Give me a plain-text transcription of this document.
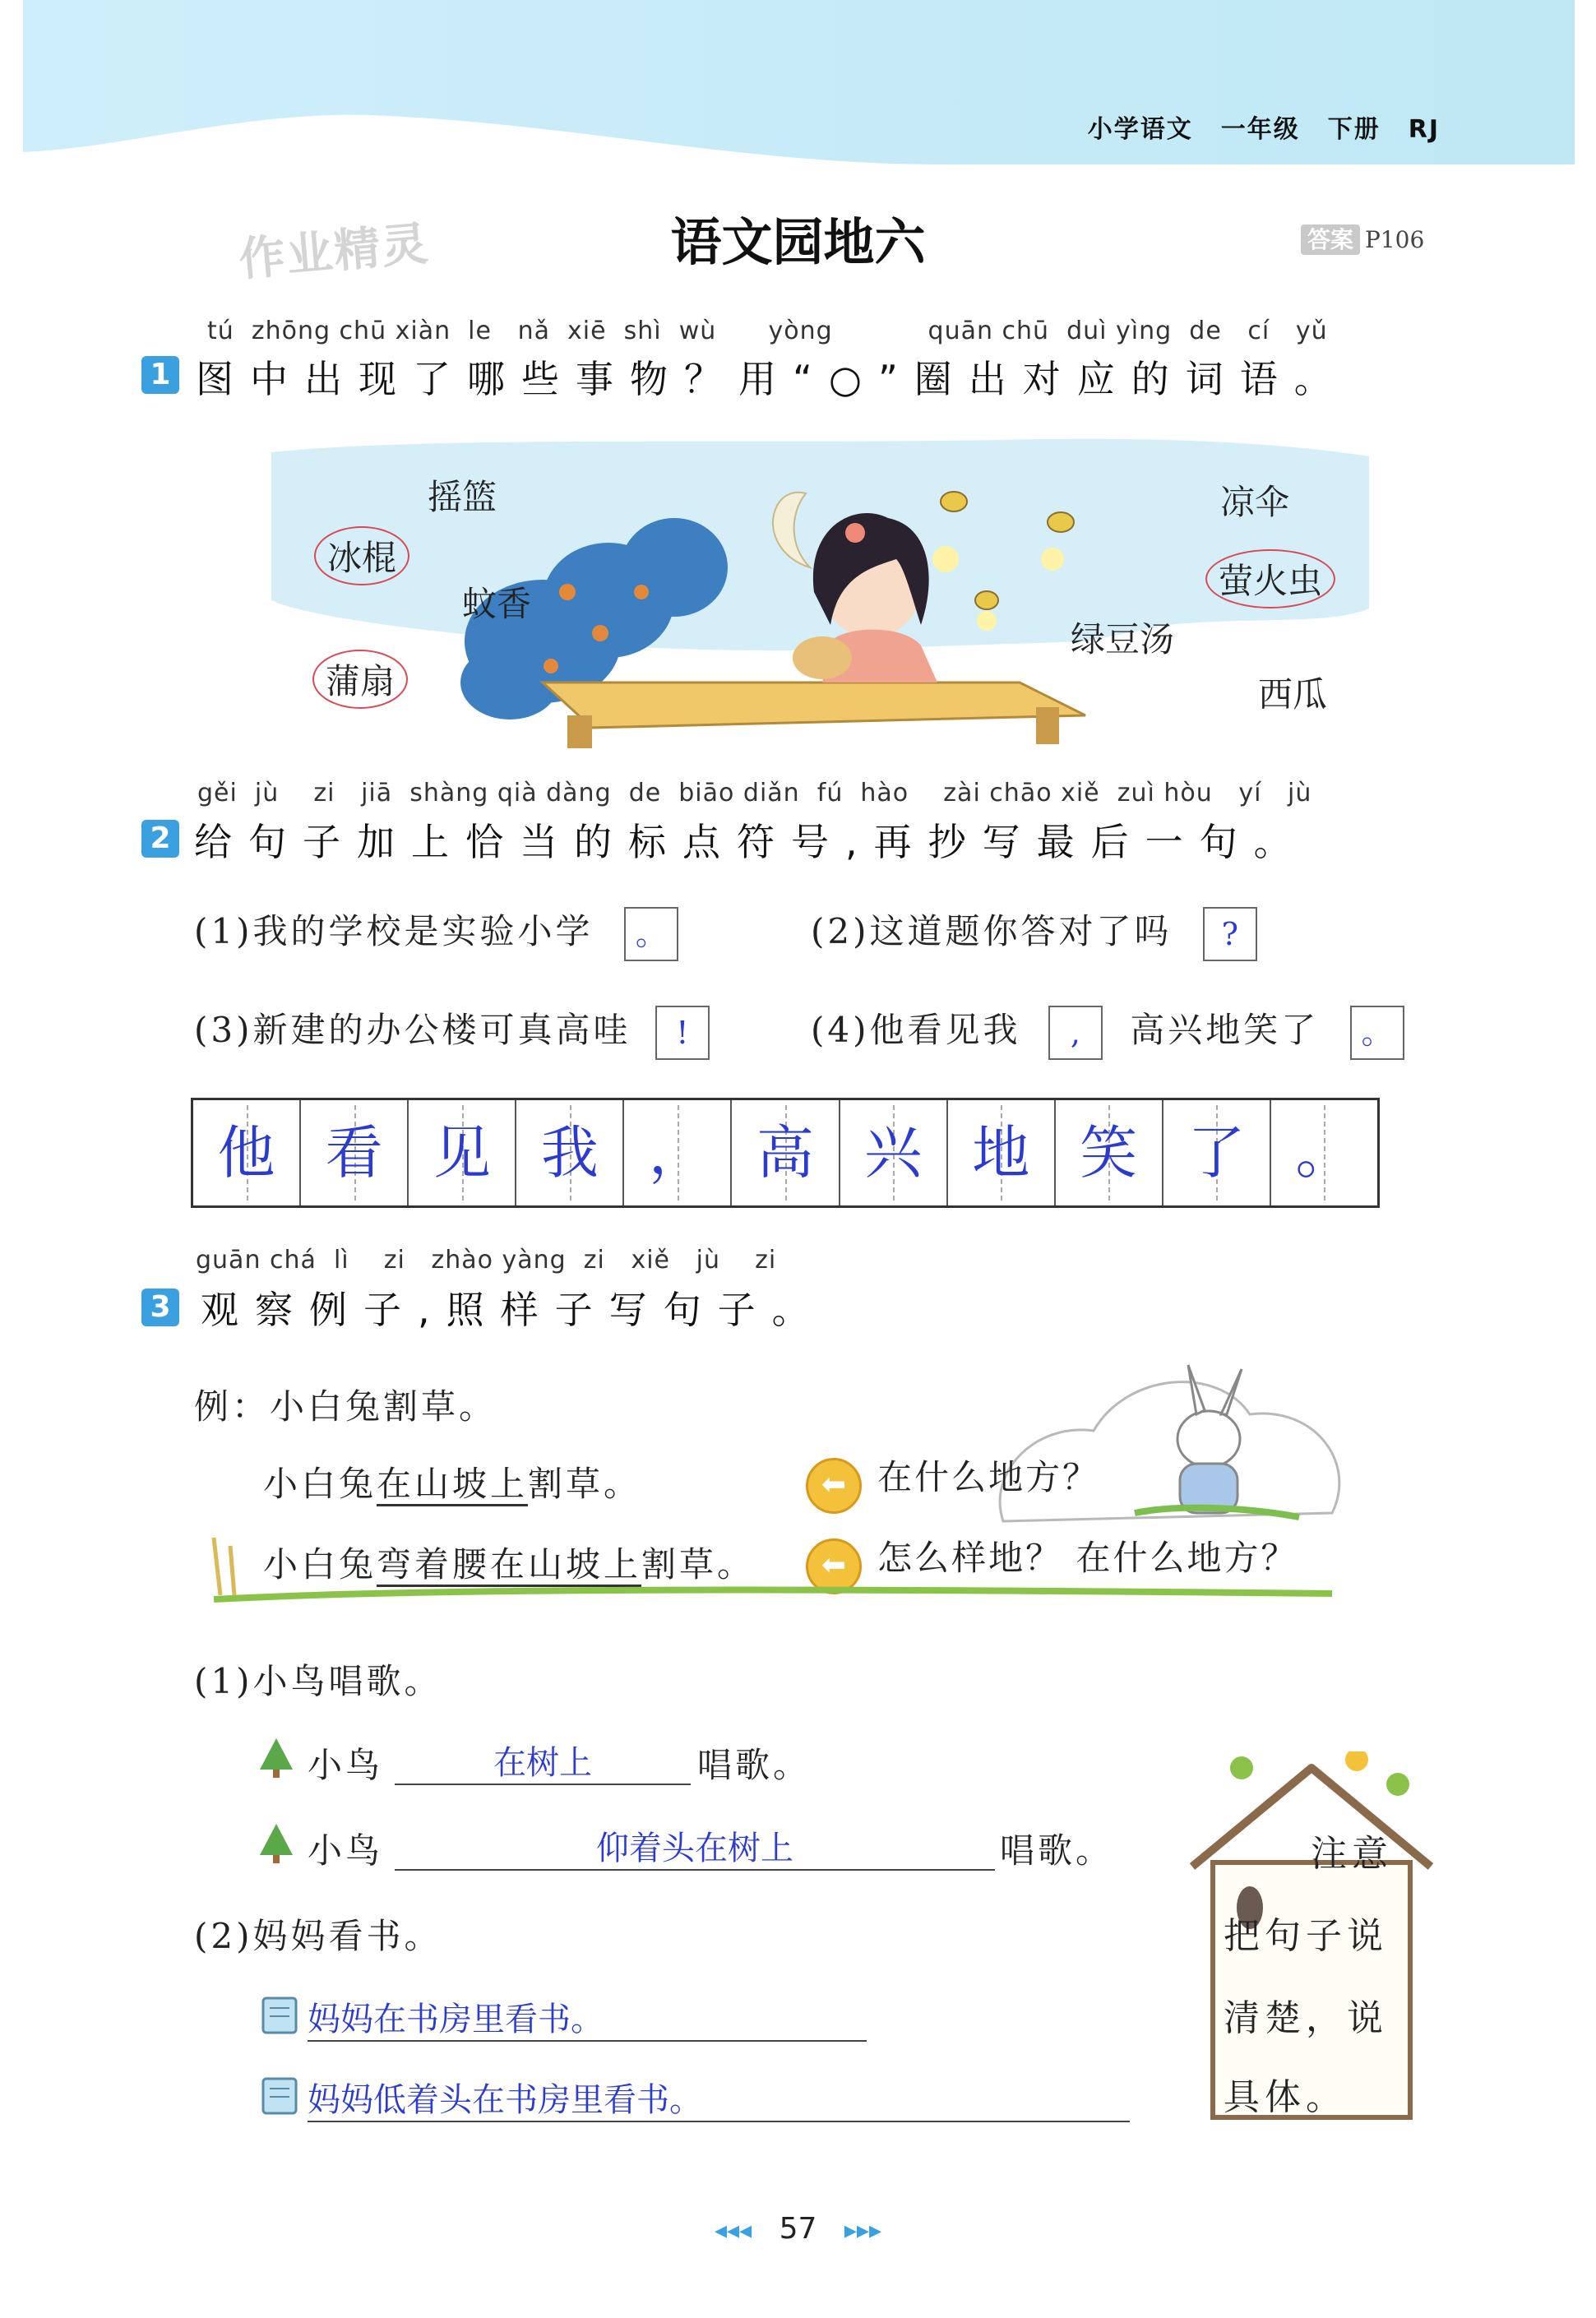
小学语文 一年级 下册 RJ
作业精灵	语文园地六	答案 P106
tú  zhōng chū xiàn  le   nǎ  xiē  shì  wù      yòng           quān chū  duì yìng  de   cí   yǔ
1 图中出现了哪些事物？用“○”圈出对应的词语。
摇篮
冰棍
蚊香
蒲扇
凉伞
萤火虫
绿豆汤
西瓜
gěi  jù    zi   jiā  shàng qià dàng  de  biāo diǎn  fú  hào    zài chāo xiě  zuì hòu   yí   jù
2 给句子加上恰当的标点符号,再抄写最后一句。
(1)我的学校是实验小学 。	(2)这道题你答对了吗 ?
(3)新建的办公楼可真高哇 !	(4)他看见我 , 高兴地笑了 。
他 看 见 我 ， 高 兴 地 笑 了 。
guān chá  lì    zi   zhào yàng  zi   xiě   jù    zi
3 观察例子,照样子写句子。
例：小白兔割草。
小白兔在山坡上割草。	⬅ 在什么地方？
小白兔弯着腰在山坡上割草。	⬅ 怎么样地？ 在什么地方？
(1)小鸟唱歌。
小鸟	在树上	唱歌。
小鸟	仰着头在树上	唱歌。
(2)妈妈看书。
妈妈在书房里看书。
妈妈低着头在书房里看书。
注意
把句子说
清楚，说
具体。
◂◂◂ 57 ▸▸▸
